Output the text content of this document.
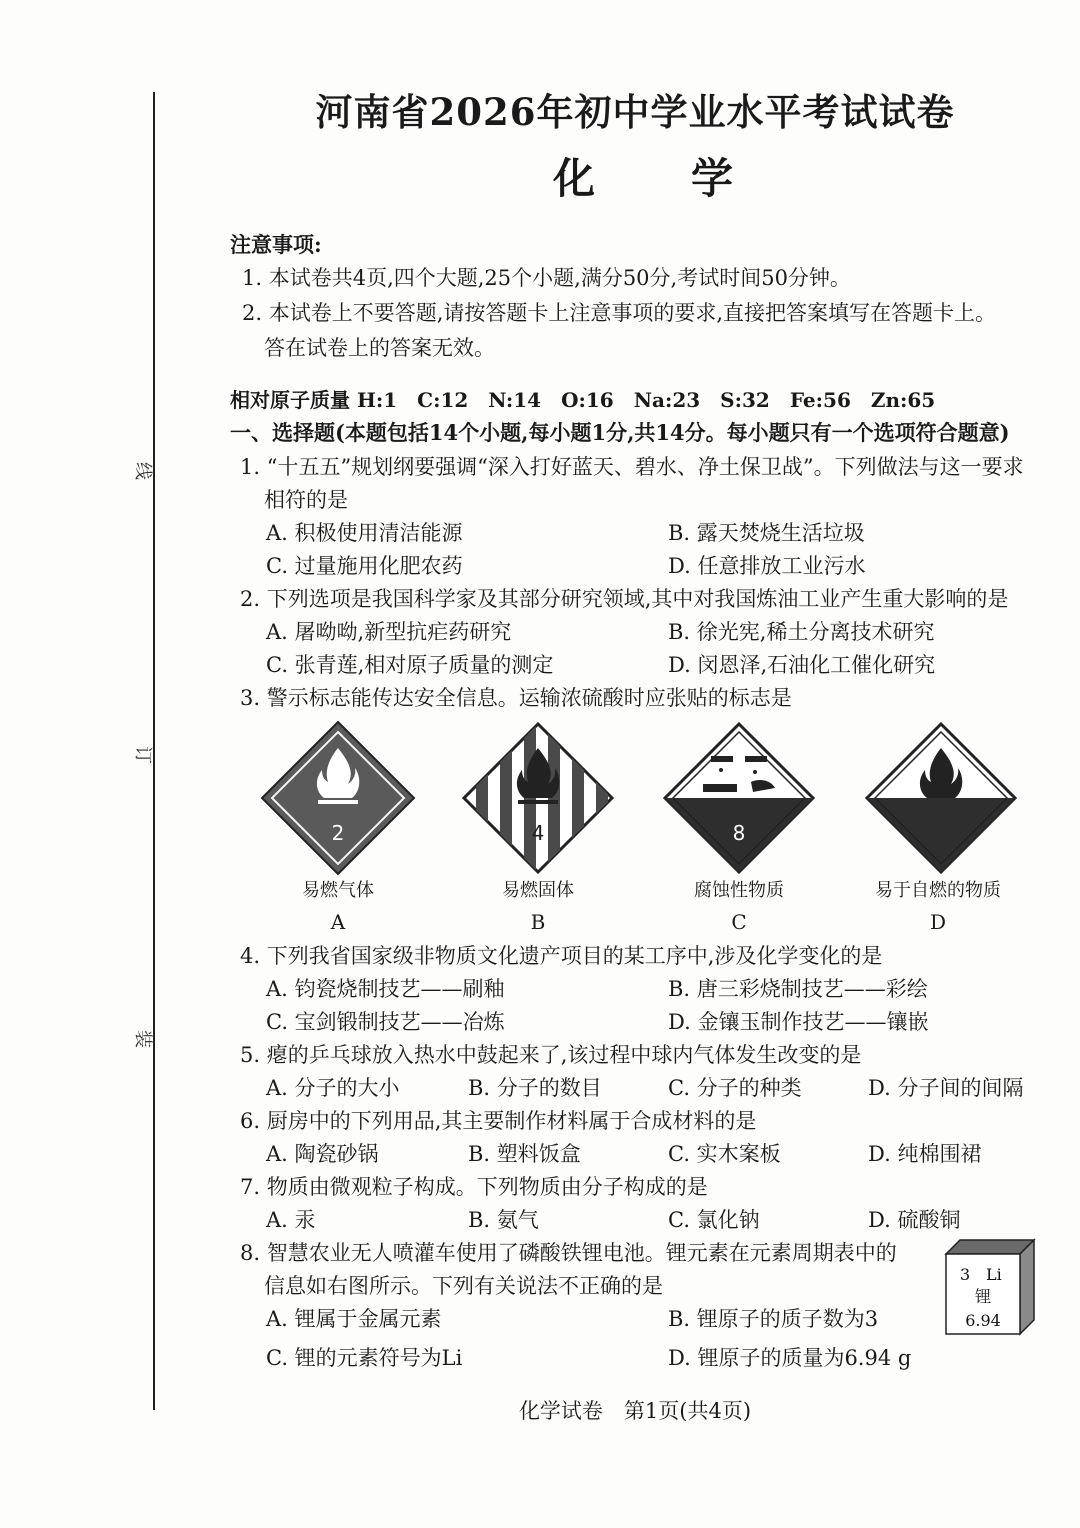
线
订
装
河南省2026年初中学业水平考试试卷
化学
注意事项:
1. 本试卷共4页,四个大题,25个小题,满分50分,考试时间50分钟。
2. 本试卷上不要答题,请按答题卡上注意事项的要求,直接把答案填写在答题卡上。
答在试卷上的答案无效。
相对原子质量 H:1　C:12　N:14　O:16　Na:23　S:32　Fe:56　Zn:65
一、选择题(本题包括14个小题,每小题1分,共14分。每小题只有一个选项符合题意)
1. “十五五”规划纲要强调“深入打好蓝天、碧水、净土保卫战”。下列做法与这一要求
相符的是
A. 积极使用清洁能源	B. 露天焚烧生活垃圾
C. 过量施用化肥农药	D. 任意排放工业污水
2. 下列选项是我国科学家及其部分研究领域,其中对我国炼油工业产生重大影响的是
A. 屠呦呦,新型抗疟药研究	B. 徐光宪,稀土分离技术研究
C. 张青莲,相对原子质量的测定	D. 闵恩泽,石油化工催化研究
3. 警示标志能传达安全信息。运输浓硫酸时应张贴的标志是
2
易燃气体
A
4
易燃固体
B
8
腐蚀性物质
C
易于自燃的物质
D
4. 下列我省国家级非物质文化遗产项目的某工序中,涉及化学变化的是
A. 钧瓷烧制技艺——刷釉	B. 唐三彩烧制技艺——彩绘
C. 宝剑锻制技艺——冶炼	D. 金镶玉制作技艺——镶嵌
5. 瘪的乒乓球放入热水中鼓起来了,该过程中球内气体发生改变的是
A. 分子的大小	B. 分子的数目	C. 分子的种类	D. 分子间的间隔
6. 厨房中的下列用品,其主要制作材料属于合成材料的是
A. 陶瓷砂锅	B. 塑料饭盒	C. 实木案板	D. 纯棉围裙
7. 物质由微观粒子构成。下列物质由分子构成的是
A. 汞	B. 氨气	C. 氯化钠	D. 硫酸铜
8. 智慧农业无人喷灌车使用了磷酸铁锂电池。锂元素在元素周期表中的
信息如右图所示。下列有关说法不正确的是
A. 锂属于金属元素	B. 锂原子的质子数为3
C. 锂的元素符号为Li	D. 锂原子的质量为6.94 g
3 Li
锂
6.94
化学试卷　第1页(共4页)
